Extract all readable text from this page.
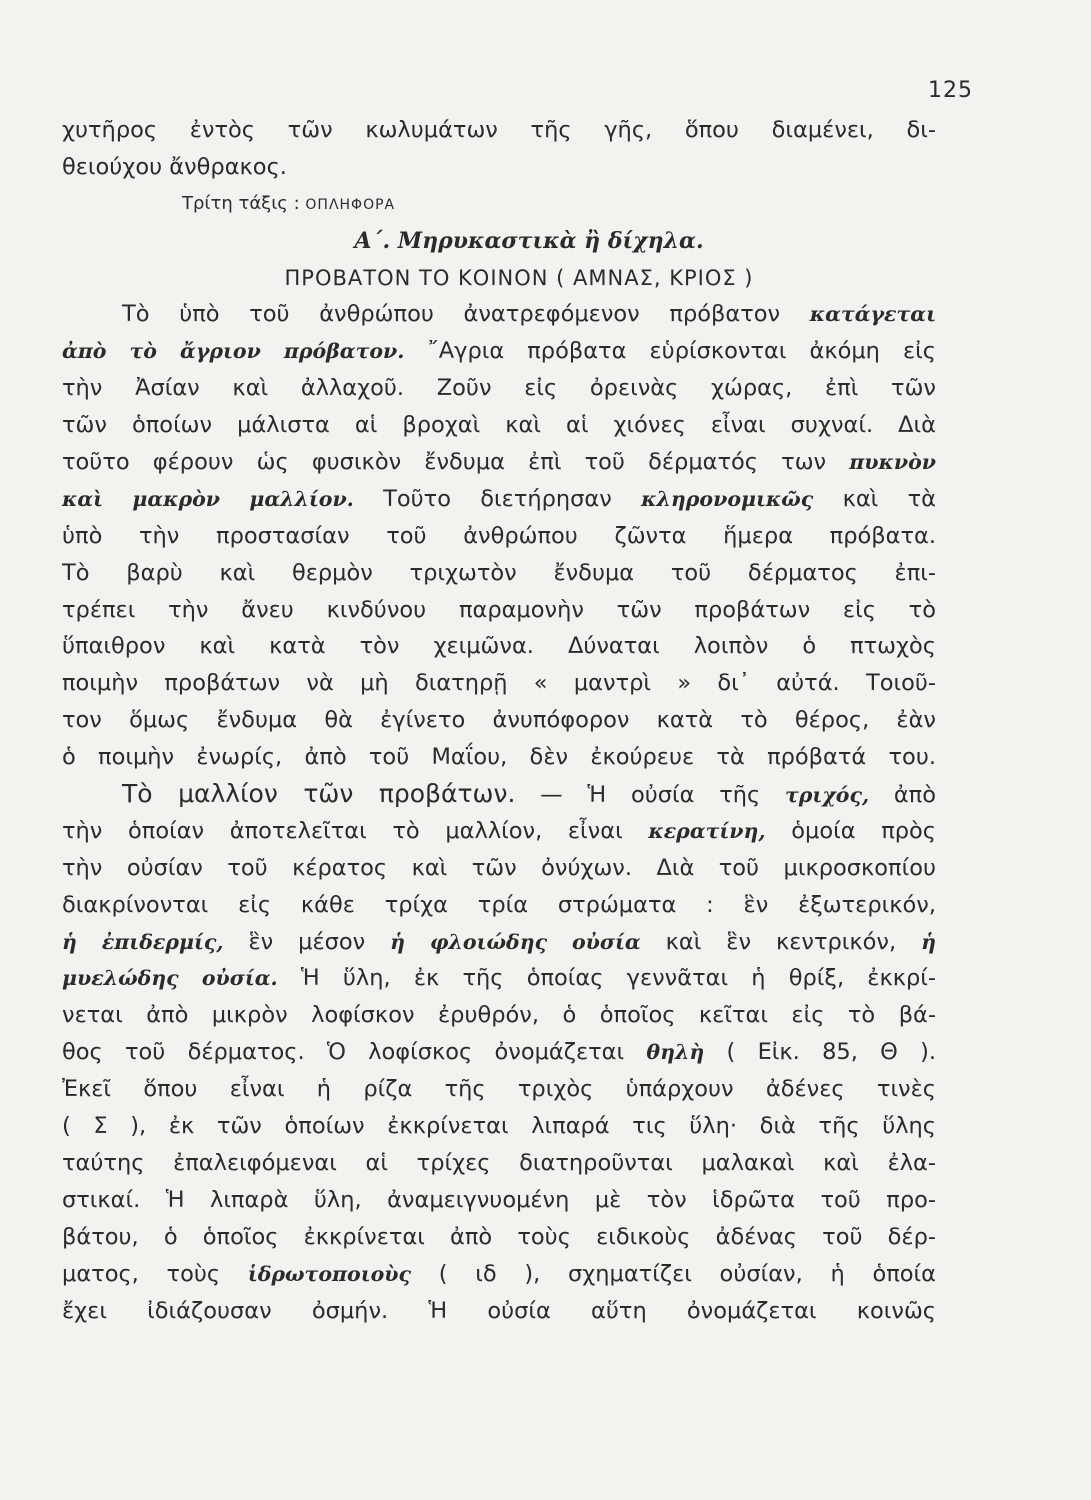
125
χυτῆρος ἐντὸς τῶν κωλυμάτων τῆς γῆς, ὅπου διαμένει, δι-
θειούχου ἄνθρακος.
Τρίτη τάξις : ΟΠΛΗΦΟΡΑ
Α΄. Μηρυκαστικὰ ἢ δίχηλα.
ΠΡΟΒΑΤΟΝ ΤΟ ΚΟΙΝΟΝ ( ΑΜΝΑΣ, ΚΡΙΟΣ )
Τὸ ὑπὸ τοῦ ἀνθρώπου ἀνατρεφόμενον πρόβατον κατάγεται
ἀπὸ τὸ ἄγριον πρόβατον. ῎Αγρια πρόβατα εὑρίσκονται ἀκόμη εἰς
τὴν Ἀσίαν καὶ ἀλλαχοῦ. Ζοῦν εἰς ὀρεινὰς χώρας, ἐπὶ τῶν
τῶν ὁποίων μάλιστα αἱ βροχαὶ καὶ αἱ χιόνες εἶναι συχναί. Διὰ
τοῦτο φέρουν ὡς φυσικὸν ἔνδυμα ἐπὶ τοῦ δέρματός των πυκνὸν
καὶ μακρὸν μαλλίον. Τοῦτο διετήρησαν κληρονομικῶς καὶ τὰ
ὑπὸ τὴν προστασίαν τοῦ ἀνθρώπου ζῶντα ἥμερα πρόβατα.
Τὸ βαρὺ καὶ θερμὸν τριχωτὸν ἔνδυμα τοῦ δέρματος ἐπι-
τρέπει τὴν ἄνευ κινδύνου παραμονὴν τῶν προβάτων εἰς τὸ
ὕπαιθρον καὶ κατὰ τὸν χειμῶνα. Δύναται λοιπὸν ὁ πτωχὸς
ποιμὴν προβάτων νὰ μὴ διατηρῇ « μαντρὶ » δι᾿ αὐτά. Τοιοῦ-
τον ὅμως ἔνδυμα θὰ ἐγίνετο ἀνυπόφορον κατὰ τὸ θέρος, ἐὰν
ὁ ποιμὴν ἐνωρίς, ἀπὸ τοῦ Μαΐου, δὲν ἐκούρευε τὰ πρόβατά του.
Τὸ μαλλίον τῶν προβάτων. — Ἡ οὐσία τῆς τριχός, ἀπὸ
τὴν ὁποίαν ἀποτελεῖται τὸ μαλλίον, εἶναι κερατίνη, ὁμοία πρὸς
τὴν οὐσίαν τοῦ κέρατος καὶ τῶν ὀνύχων. Διὰ τοῦ μικροσκοπίου
διακρίνονται εἰς κάθε τρίχα τρία στρώματα : ἓν ἐξωτερικόν,
ἡ ἐπιδερμίς, ἓν μέσον ἡ φλοιώδης οὐσία καὶ ἓν κεντρικόν, ἡ
μυελώδης οὐσία. Ἡ ὕλη, ἐκ τῆς ὁποίας γεννᾶται ἡ θρίξ, ἐκκρί-
νεται ἀπὸ μικρὸν λοφίσκον ἐρυθρόν, ὁ ὁποῖος κεῖται εἰς τὸ βά-
θος τοῦ δέρματος. Ὁ λοφίσκος ὀνομάζεται θηλὴ ( Εἰκ. 85, Θ ).
Ἐκεῖ ὅπου εἶναι ἡ ρίζα τῆς τριχὸς ὑπάρχουν ἀδένες τινὲς
( Σ ), ἐκ τῶν ὁποίων ἐκκρίνεται λιπαρά τις ὕλη· διὰ τῆς ὕλης
ταύτης ἐπαλειφόμεναι αἱ τρίχες διατηροῦνται μαλακαὶ καὶ ἐλα-
στικαί. Ἡ λιπαρὰ ὕλη, ἀναμειγνυομένη μὲ τὸν ἱδρῶτα τοῦ προ-
βάτου, ὁ ὁποῖος ἐκκρίνεται ἀπὸ τοὺς ειδικοὺς ἀδένας τοῦ δέρ-
ματος, τοὺς ἱδρωτοποιοὺς ( ιδ ), σχηματίζει οὐσίαν, ἡ ὁποία
ἔχει ἰδιάζουσαν ὀσμήν. Ἡ οὐσία αὕτη ὀνομάζεται κοινῶς
